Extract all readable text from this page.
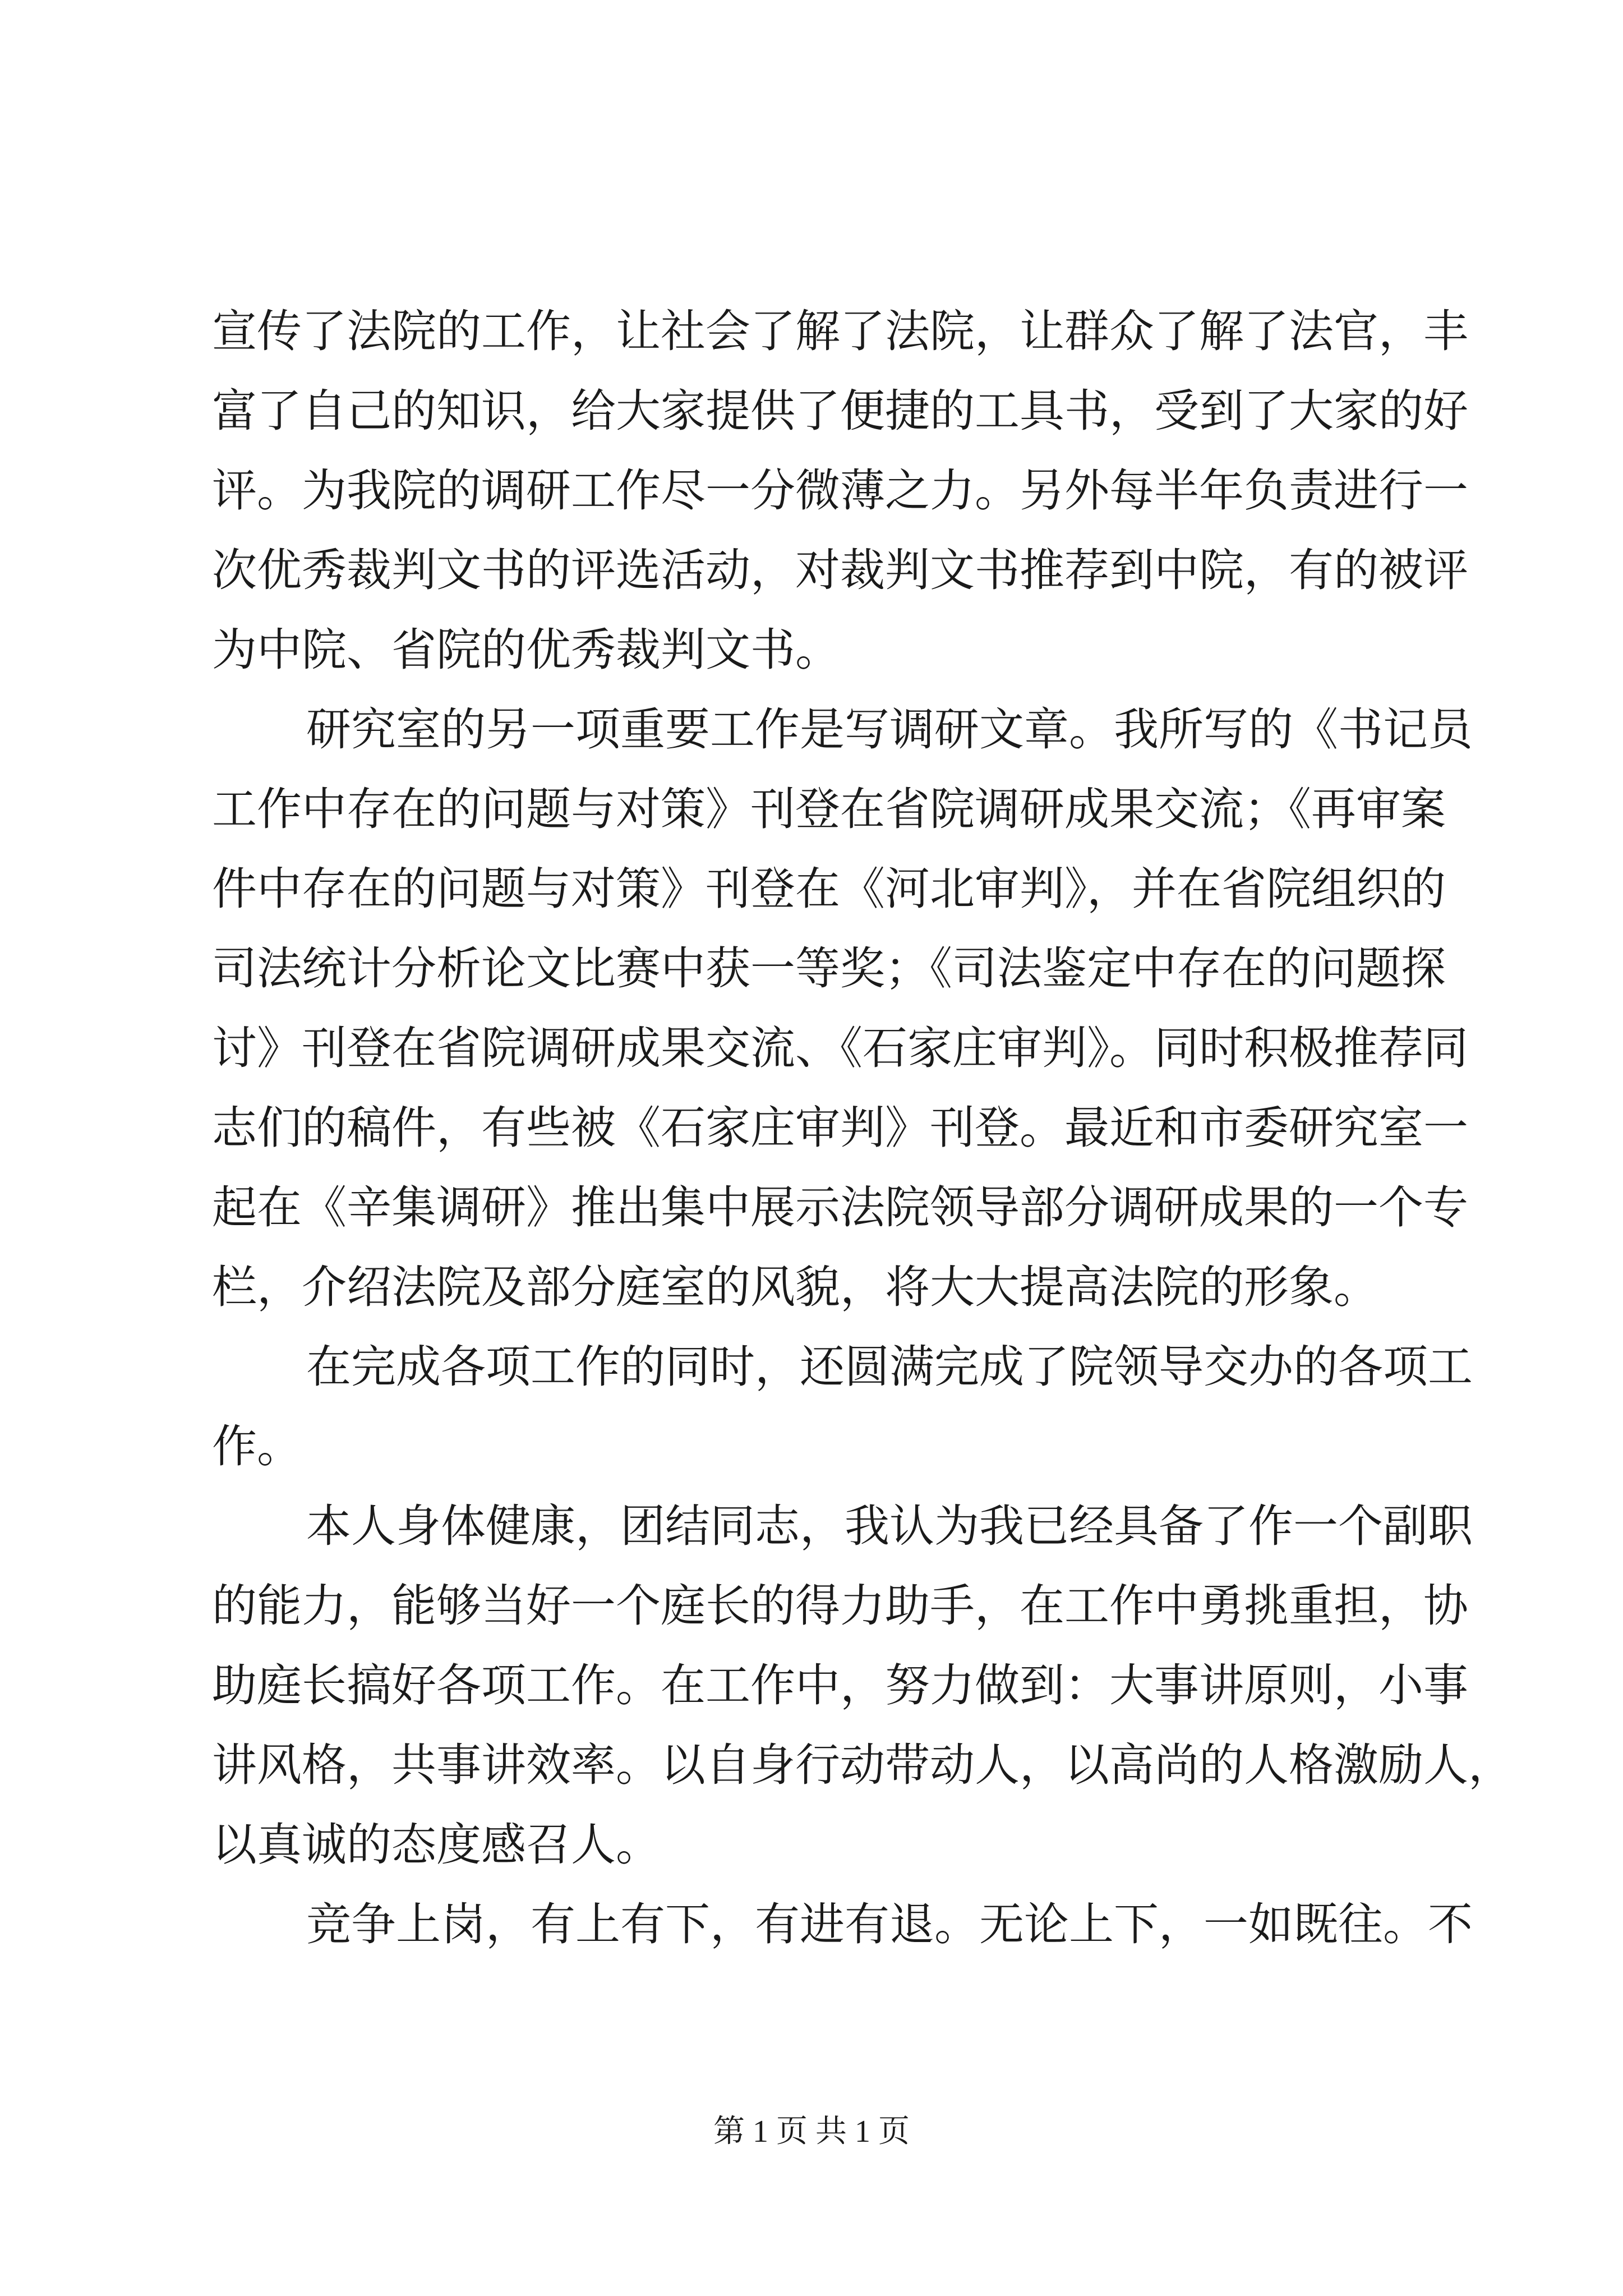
宣传了法院的工作，让社会了解了法院，让群众了解了法官，丰
富了自己的知识，给大家提供了便捷的工具书，受到了大家的好
评。为我院的调研工作尽一分微薄之力。另外每半年负责进行一
次优秀裁判文书的评选活动，对裁判文书推荐到中院，有的被评
为中院、省院的优秀裁判文书。
研究室的另一项重要工作是写调研文章。我所写的《书记员
工作中存在的问题与对策》刊登在省院调研成果交流；《再审案
件中存在的问题与对策》刊登在《河北审判》，并在省院组织的
司法统计分析论文比赛中获一等奖；《司法鉴定中存在的问题探
讨》刊登在省院调研成果交流、《石家庄审判》。同时积极推荐同
志们的稿件，有些被《石家庄审判》刊登。最近和市委研究室一
起在《辛集调研》推出集中展示法院领导部分调研成果的一个专
栏，介绍法院及部分庭室的风貌，将大大提高法院的形象。
在完成各项工作的同时，还圆满完成了院领导交办的各项工
作。
本人身体健康，团结同志，我认为我已经具备了作一个副职
的能力，能够当好一个庭长的得力助手，在工作中勇挑重担，协
助庭长搞好各项工作。在工作中，努力做到：大事讲原则，小事
讲风格，共事讲效率。以自身行动带动人，以高尚的人格激励人，
以真诚的态度感召人。
竞争上岗，有上有下，有进有退。无论上下，一如既往。不
第 1 页 共 1 页
